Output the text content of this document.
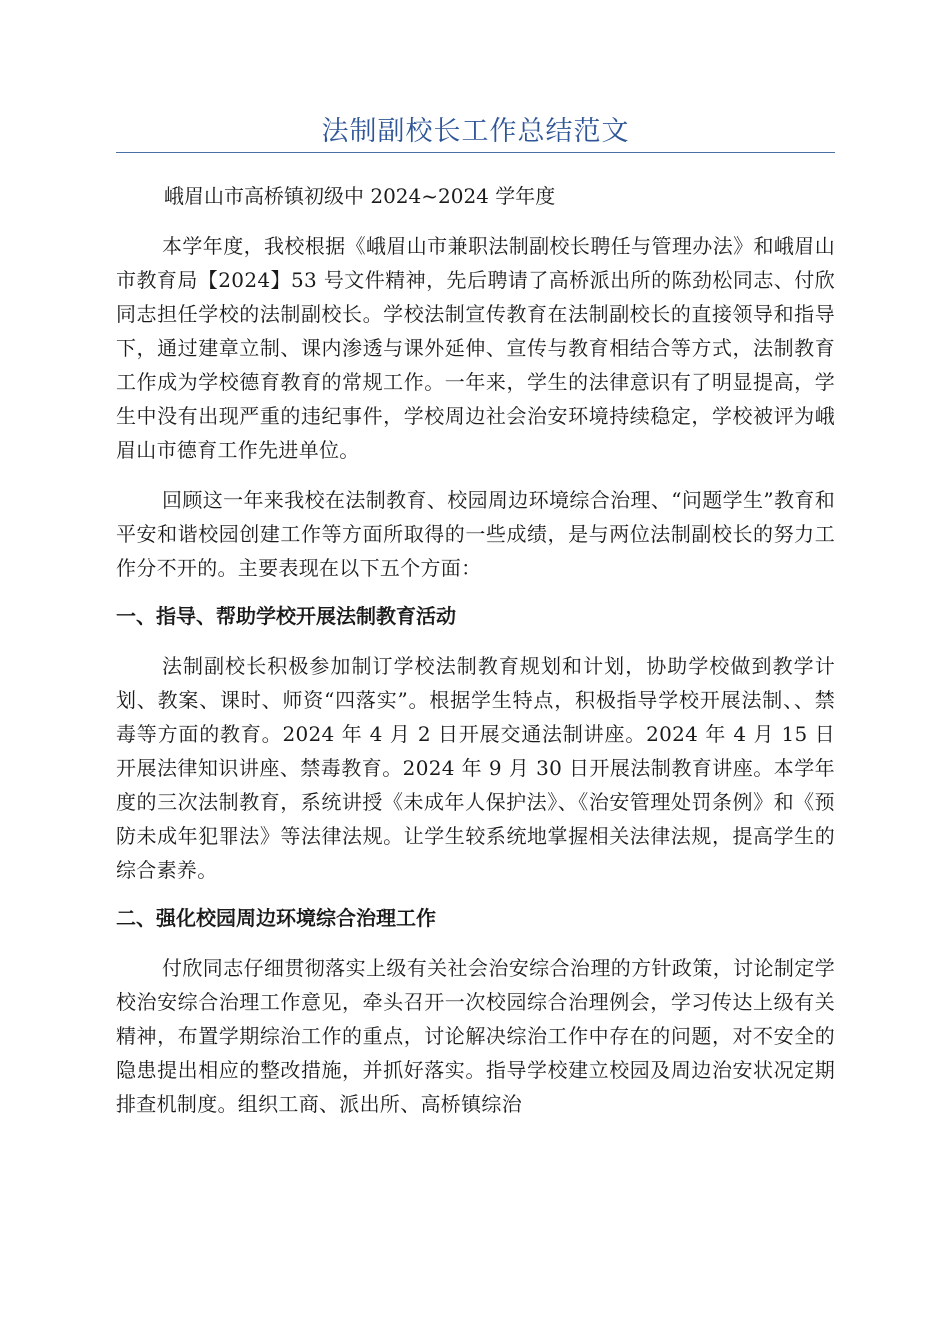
法制副校长工作总结范文

峨眉山市高桥镇初级中 2024~2024 学年度

本学年度，我校根据《峨眉山市兼职法制副校长聘任与管理办法》和峨眉山市教育局【2024】53 号文件精神，先后聘请了高桥派出所的陈劲松同志、付欣同志担任学校的法制副校长。学校法制宣传教育在法制副校长的直接领导和指导下，通过建章立制、课内渗透与课外延伸、宣传与教育相结合等方式，法制教育工作成为学校德育教育的常规工作。一年来，学生的法律意识有了明显提高，学生中没有出现严重的违纪事件，学校周边社会治安环境持续稳定，学校被评为峨眉山市德育工作先进单位。

回顾这一年来我校在法制教育、校园周边环境综合治理、“问题学生”教育和平安和谐校园创建工作等方面所取得的一些成绩，是与两位法制副校长的努力工作分不开的。主要表现在以下五个方面：

一、指导、帮助学校开展法制教育活动

法制副校长积极参加制订学校法制教育规划和计划，协助学校做到教学计划、教案、课时、师资“四落实”。根据学生特点，积极指导学校开展法制、、禁毒等方面的教育。2024 年 4 月 2 日开展交通法制讲座。2024 年 4 月 15 日开展法律知识讲座、禁毒教育。2024 年 9 月 30 日开展法制教育讲座。本学年度的三次法制教育，系统讲授《未成年人保护法》、《治安管理处罚条例》和《预防未成年犯罪法》等法律法规。让学生较系统地掌握相关法律法规，提高学生的综合素养。

二、强化校园周边环境综合治理工作

付欣同志仔细贯彻落实上级有关社会治安综合治理的方针政策，讨论制定学校治安综合治理工作意见，牵头召开一次校园综合治理例会，学习传达上级有关精神，布置学期综治工作的重点，讨论解决综治工作中存在的问题，对不安全的隐患提出相应的整改措施，并抓好落实。指导学校建立校园及周边治安状况定期排查机制度。组织工商、派出所、高桥镇综治
